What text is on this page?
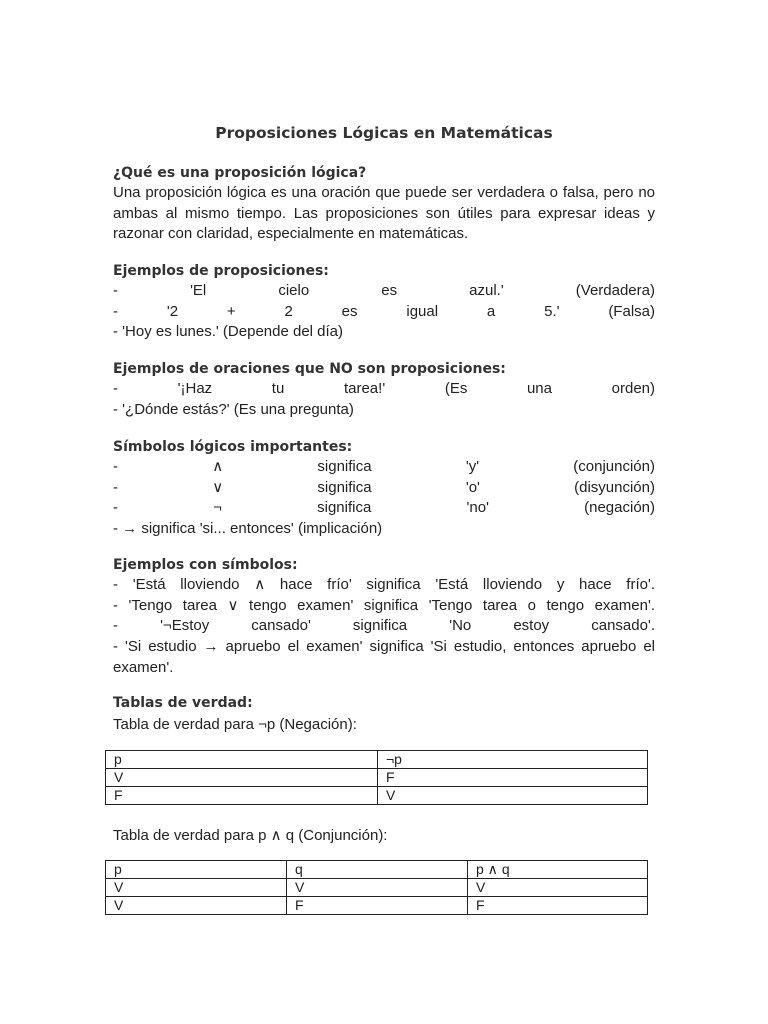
Proposiciones Lógicas en Matemáticas
¿Qué es una proposición lógica?
Una proposición lógica es una oración que puede ser verdadera o falsa, pero no ambas al mismo tiempo. Las proposiciones son útiles para expresar ideas y razonar con claridad, especialmente en matemáticas.
Ejemplos de proposiciones:
- 'El cielo es azul.' (Verdadera)
- '2 + 2 es igual a 5.' (Falsa)
- 'Hoy es lunes.' (Depende del día)
Ejemplos de oraciones que NO son proposiciones:
- '¡Haz tu tarea!' (Es una orden)
- '¿Dónde estás?' (Es una pregunta)
Símbolos lógicos importantes:
- ∧ significa 'y' (conjunción)
- ∨ significa 'o' (disyunción)
- ¬ significa 'no' (negación)
- → significa 'si... entonces' (implicación)
Ejemplos con símbolos:
- 'Está lloviendo ∧ hace frío' significa 'Está lloviendo y hace frío'.
- 'Tengo tarea ∨ tengo examen' significa 'Tengo tarea o tengo examen'.
- '¬Estoy cansado' significa 'No estoy cansado'.
- 'Si estudio → apruebo el examen' significa 'Si estudio, entonces apruebo el examen'.
Tablas de verdad:
Tabla de verdad para ¬p (Negación):
p	¬p
V	F
F	V
Tabla de verdad para p ∧ q (Conjunción):
p	q	p ∧ q
V	V	V
V	F	F
